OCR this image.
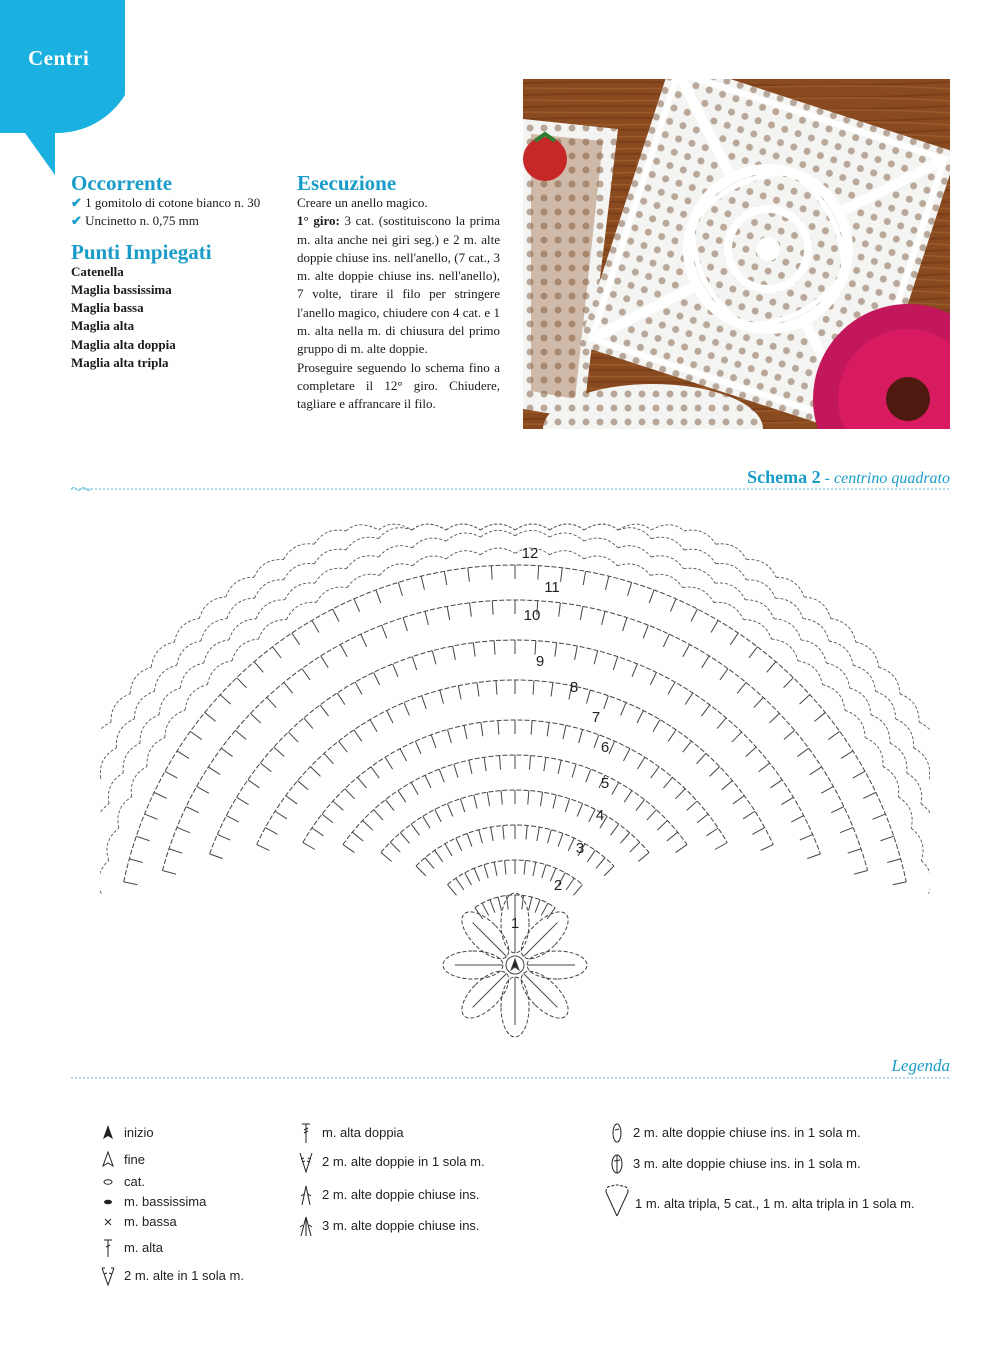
Centri
Occorrente
✔ 1 gomitolo di cotone bianco n. 30
✔ Uncinetto n. 0,75 mm
Punti Impiegati
Catenella
Maglia bassissima
Maglia bassa
Maglia alta
Maglia alta doppia
Maglia alta tripla
Esecuzione
Creare un anello magico.
1° giro: 3 cat. (sostituiscono la prima m. alta anche nei giri seg.) e 2 m. alte doppie chiuse ins. nell'anello, (7 cat., 3 m. alte doppie chiuse ins. nell'anello), 7 volte, tirare il filo per stringere l'anello magico, chiudere con 4 cat. e 1 m. alta nella m. di chiusura del primo gruppo di m. alte doppie.
Proseguire seguendo lo schema fino a completare il 12° giro. Chiudere, tagliare e affrancare il filo.
Schema 2 - centrino quadrato
1
2
3
4
5
6
7
8
9
10
11
12
Legenda
inizio
fine
cat.
m. bassissima
m. bassa
m. alta
2 m. alte in 1 sola m.
m. alta doppia
2 m. alte doppie in 1 sola m.
2 m. alte doppie chiuse ins.
3 m. alte doppie chiuse ins.
2 m. alte doppie chiuse ins. in 1 sola m.
3 m. alte doppie chiuse ins. in 1 sola m.
1 m. alta tripla, 5 cat., 1 m. alta tripla in 1 sola m.
